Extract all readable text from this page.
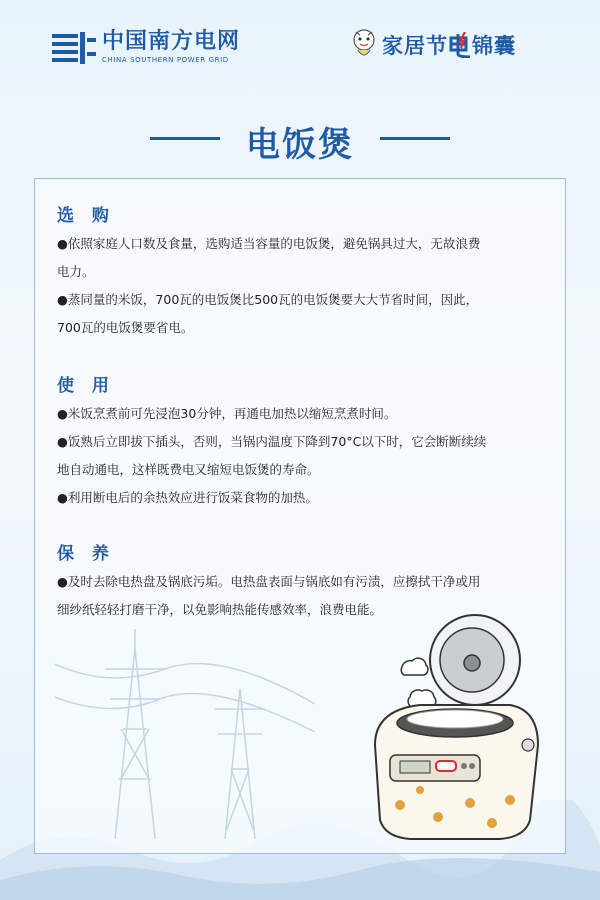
中国南方电网
CHINA SOUTHERN POWER GRID
家居节 锦囊
电饭煲
选 购

●依照家庭人口数及食量，选购适当容量的电饭煲，避免锅具过大，无故浪费

电力。

●蒸同量的米饭，700瓦的电饭煲比500瓦的电饭煲要大大节省时间，因此，

700瓦的电饭煲要省电。

使 用

●米饭烹煮前可先浸泡30分钟，再通电加热以缩短烹煮时间。

●饭熟后立即拔下插头，否则，当锅内温度下降到70°C以下时，它会断断续续

地自动通电，这样既费电又缩短电饭煲的寿命。

●利用断电后的余热效应进行饭菜食物的加热。

保 养

●及时去除电热盘及锅底污垢。电热盘表面与锅底如有污渍，应擦拭干净或用

细纱纸轻轻打磨干净，以免影响热能传感效率，浪费电能。
